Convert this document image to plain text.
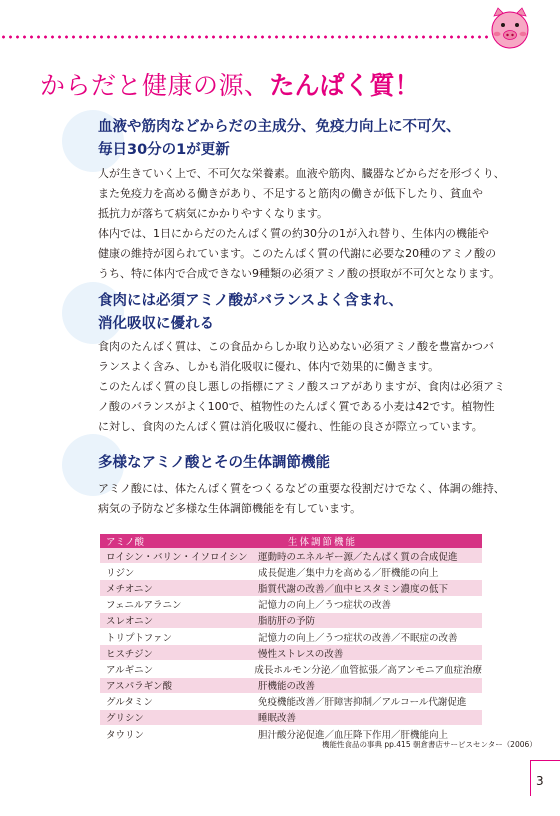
からだと健康の源、たんぱく質！
血液や筋肉などからだの主成分、免疫力向上に不可欠、
毎日30分の1が更新

人が生きていく上で、不可欠な栄養素。血液や筋肉、臓器などからだを形づくり、

また免疫力を高める働きがあり、不足すると筋肉の働きが低下したり、貧血や

抵抗力が落ちて病気にかかりやすくなります。

体内では、1日にからだのたんぱく質の約30分の1が入れ替り、生体内の機能や

健康の維持が図られています。このたんぱく質の代謝に必要な20種のアミノ酸の

うち、特に体内で合成できない9種類の必須アミノ酸の摂取が不可欠となります。

食肉には必須アミノ酸がバランスよく含まれ、
消化吸収に優れる

食肉のたんぱく質は、この食品からしか取り込めない必須アミノ酸を豊富かつバ

ランスよく含み、しかも消化吸収に優れ、体内で効果的に働きます。

このたんぱく質の良し悪しの指標にアミノ酸スコアがありますが、食肉は必須アミ

ノ酸のバランスがよく100で、植物性のたんぱく質である小麦は42です。植物性

に対し、食肉のたんぱく質は消化吸収に優れ、性能の良さが際立っています。

多様なアミノ酸とその生体調節機能

アミノ酸には、体たんぱく質をつくるなどの重要な役割だけでなく、体調の維持、

病気の予防など多様な生体調節機能を有しています。

アミノ酸	生体調節機能
ロイシン・バリン・イソロイシン	運動時のエネルギー源／たんぱく質の合成促進
リジン	成長促進／集中力を高める／肝機能の向上
メチオニン	脂質代謝の改善／血中ヒスタミン濃度の低下
フェニルアラニン	記憶力の向上／うつ症状の改善
スレオニン	脂肪肝の予防
トリプトファン	記憶力の向上／うつ症状の改善／不眠症の改善
ヒスチジン	慢性ストレスの改善
アルギニン	成長ホルモン分泌／血管拡張／高アンモニア血症治療
アスパラギン酸	肝機能の改善
グルタミン	免疫機能改善／肝障害抑制／アルコール代謝促進
グリシン	睡眠改善
タウリン	胆汁酸分泌促進／血圧降下作用／肝機能向上
機能性食品の事典 pp.415 朝倉書店サービスセンター（2006）
3
